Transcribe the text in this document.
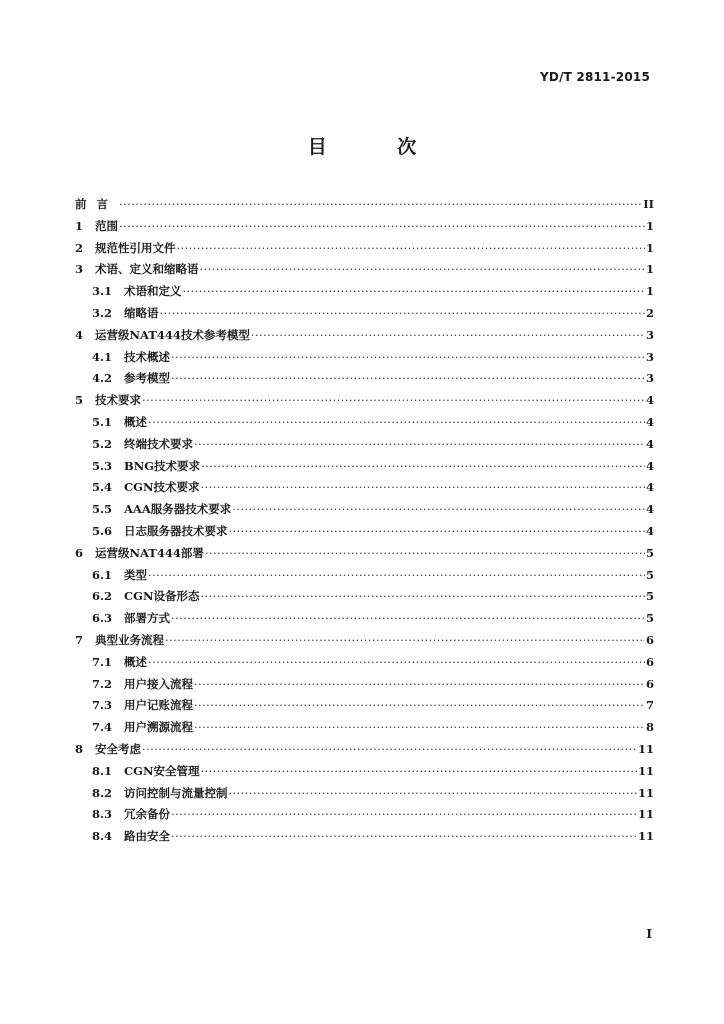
YD/T 2811-2015
目 次
前言 ·····	II
1	范围 ·····	1
2	规范性引用文件 ·····	1
3	术语、定义和缩略语 ·····	1
3.1	术语和定义 ·····	1
3.2	缩略语 ·····	2
4	运营级NAT444技术参考模型 ·····	3
4.1	技术概述 ·····	3
4.2	参考模型 ·····	3
5	技术要求 ·····	4
5.1	概述 ·····	4
5.2	终端技术要求 ·····	4
5.3	BNG技术要求 ·····	4
5.4	CGN技术要求 ·····	4
5.5	AAA服务器技术要求 ·····	4
5.6	日志服务器技术要求 ·····	4
6	运营级NAT444部署 ·····	5
6.1	类型 ·····	5
6.2	CGN设备形态 ·····	5
6.3	部署方式 ·····	5
7	典型业务流程 ·····	6
7.1	概述 ·····	6
7.2	用户接入流程 ·····	6
7.3	用户记账流程 ·····	7
7.4	用户溯源流程 ·····	8
8	安全考虑 ·····	11
8.1	CGN安全管理 ·····	11
8.2	访问控制与流量控制 ·····	11
8.3	冗余备份 ·····	11
8.4	路由安全 ·····	11
I
